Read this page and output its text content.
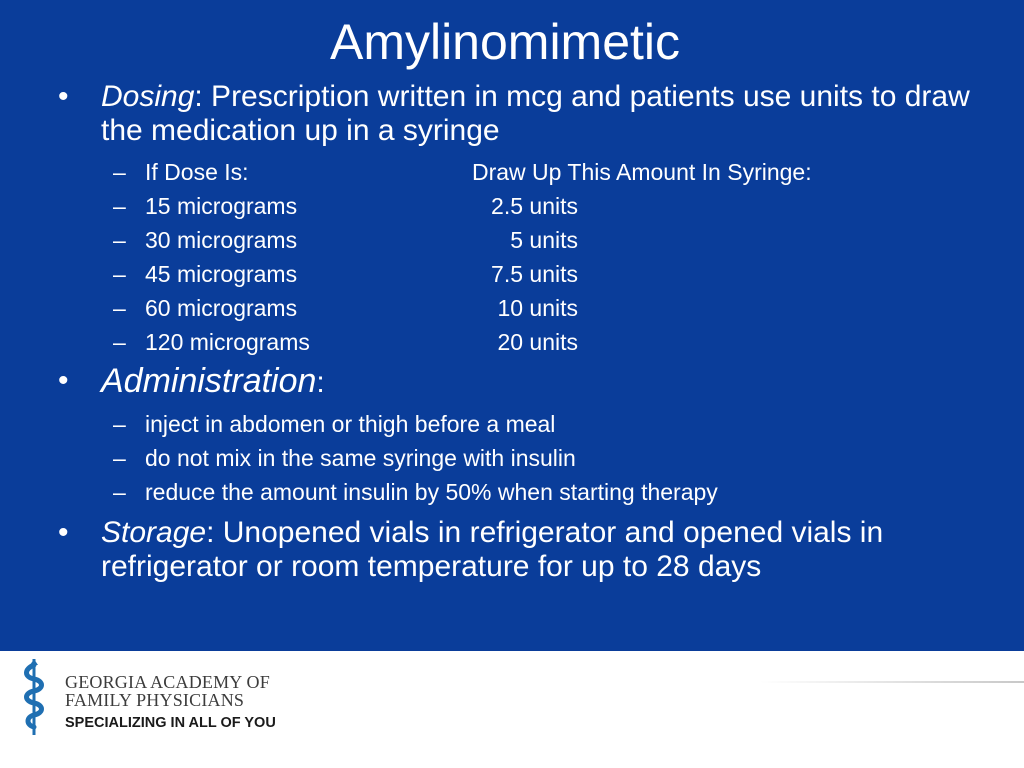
Amylinomimetic
• Dosing: Prescription written in mcg and patients use units to draw the medication up in a syringe
– If Dose Is:	Draw Up This Amount In Syringe:
– 15 micrograms	2.5 units
– 30 micrograms	5 units
– 45 micrograms	7.5 units
– 60 micrograms	10 units
– 120 micrograms	20 units
• Administration:
– inject in abdomen or thigh before a meal
– do not mix in the same syringe with insulin
– reduce the amount insulin by 50% when starting therapy
• Storage: Unopened vials in refrigerator and opened vials in refrigerator or room temperature for up to 28 days
GEORGIA ACADEMY OF
FAMILY PHYSICIANS
SPECIALIZING IN ALL OF YOU
